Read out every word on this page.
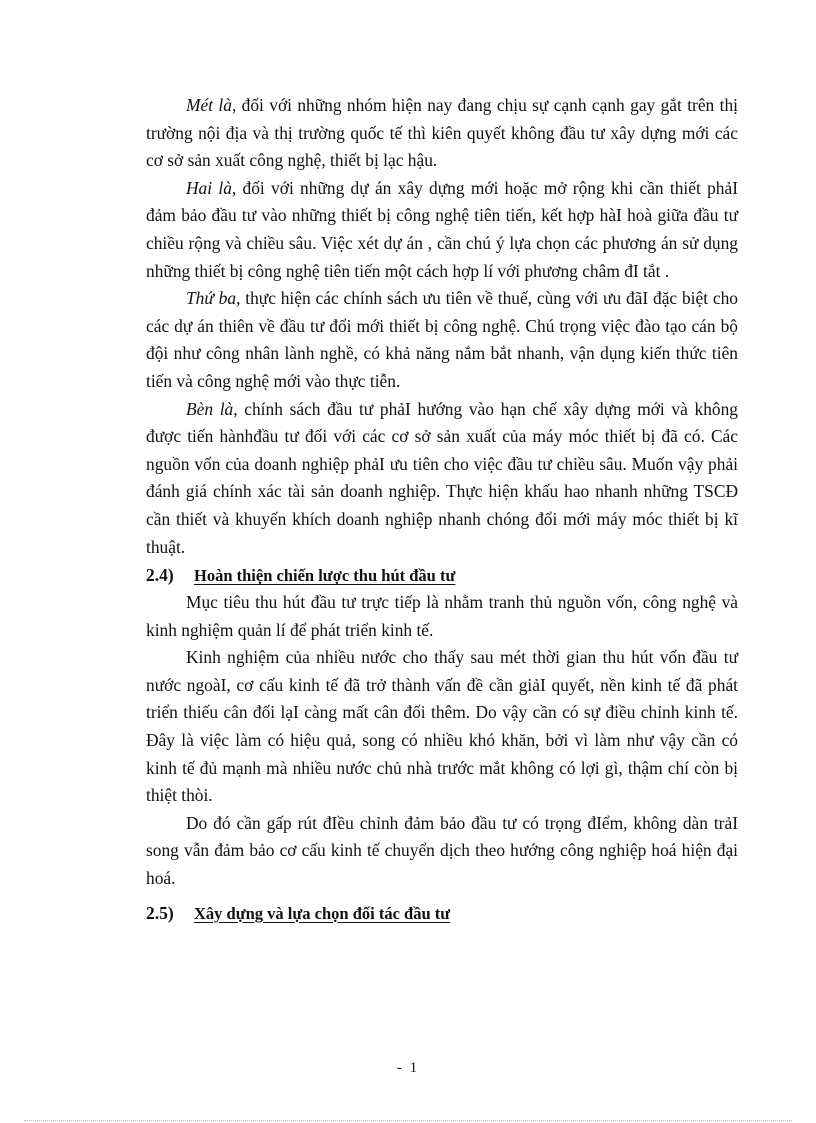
Mét là, đối với những nhóm hiện nay đang chịu sự cạnh cạnh gay gắt trên thị trường nội địa và thị trường quốc tế thì kiên quyết không đầu tư xây dựng mới các cơ sở sản xuất công nghệ, thiết bị lạc hậu.

Hai là, đối với những dự án xây dựng mới hoặc mở rộng khi cần thiết phảI đảm bảo đầu tư vào những thiết bị công nghệ tiên tiến, kết hợp hàI hoà giữa đầu tư chiều rộng và chiều sâu. Việc xét dự án , cần chú ý lựa chọn các phương án sử dụng những thiết bị công nghệ tiên tiến một cách hợp lí với phương châm đI tắt .

Thứ ba, thực hiện các chính sách ưu tiên về thuế, cùng với ưu đãI đặc biệt cho các dự án thiên về đầu tư đổi mới thiết bị công nghệ. Chú trọng việc đào tạo cán bộ đội như công nhân lành nghề, có khả năng nắm bắt nhanh, vận dụng kiến thức tiên tiến và công nghệ mới vào thực tiễn.

Bèn là, chính sách đầu tư phảI hướng vào hạn chế xây dựng mới và không được tiến hànhđầu tư đối với các cơ sở sản xuất của máy móc thiết bị đã có. Các nguồn vốn của doanh nghiệp phảI ưu tiên cho việc đầu tư chiều sâu. Muốn vậy phải đánh giá chính xác tài sản doanh nghiệp. Thực hiện khấu hao nhanh những TSCĐ cần thiết và khuyến khích doanh nghiệp nhanh chóng đổi mới máy móc thiết bị kĩ thuật.

2.4)	Hoàn thiện chiến lược thu hút đầu tư

Mục tiêu thu hút đầu tư trực tiếp là nhằm tranh thủ nguồn vốn, công nghệ và kinh nghiệm quản lí để phát triển kinh tế.

Kinh nghiệm của nhiều nước cho thấy sau mét thời gian thu hút vốn đầu tư nước ngoàI, cơ cấu kinh tế đã trở thành vấn đề cần giảI quyết, nền kinh tế đã phát triển thiếu cân đối lạI càng mất cân đối thêm. Do vậy cần có sự điều chỉnh kinh tế. Đây là việc làm có hiệu quả, song có nhiều khó khăn, bởi vì làm như vậy cần có kinh tế đủ mạnh mà nhiều nước chủ nhà trước mắt không có lợi gì, thậm chí còn bị thiệt thòi.

Do đó cần gấp rút đIều chỉnh đảm bảo đầu tư có trọng đIểm, không dàn trảI song vẫn đảm bảo cơ cấu kinh tế chuyển dịch theo hướng công nghiệp hoá hiện đại hoá.

2.5)	Xây dựng và lựa chọn đối tác đầu tư
- 1
